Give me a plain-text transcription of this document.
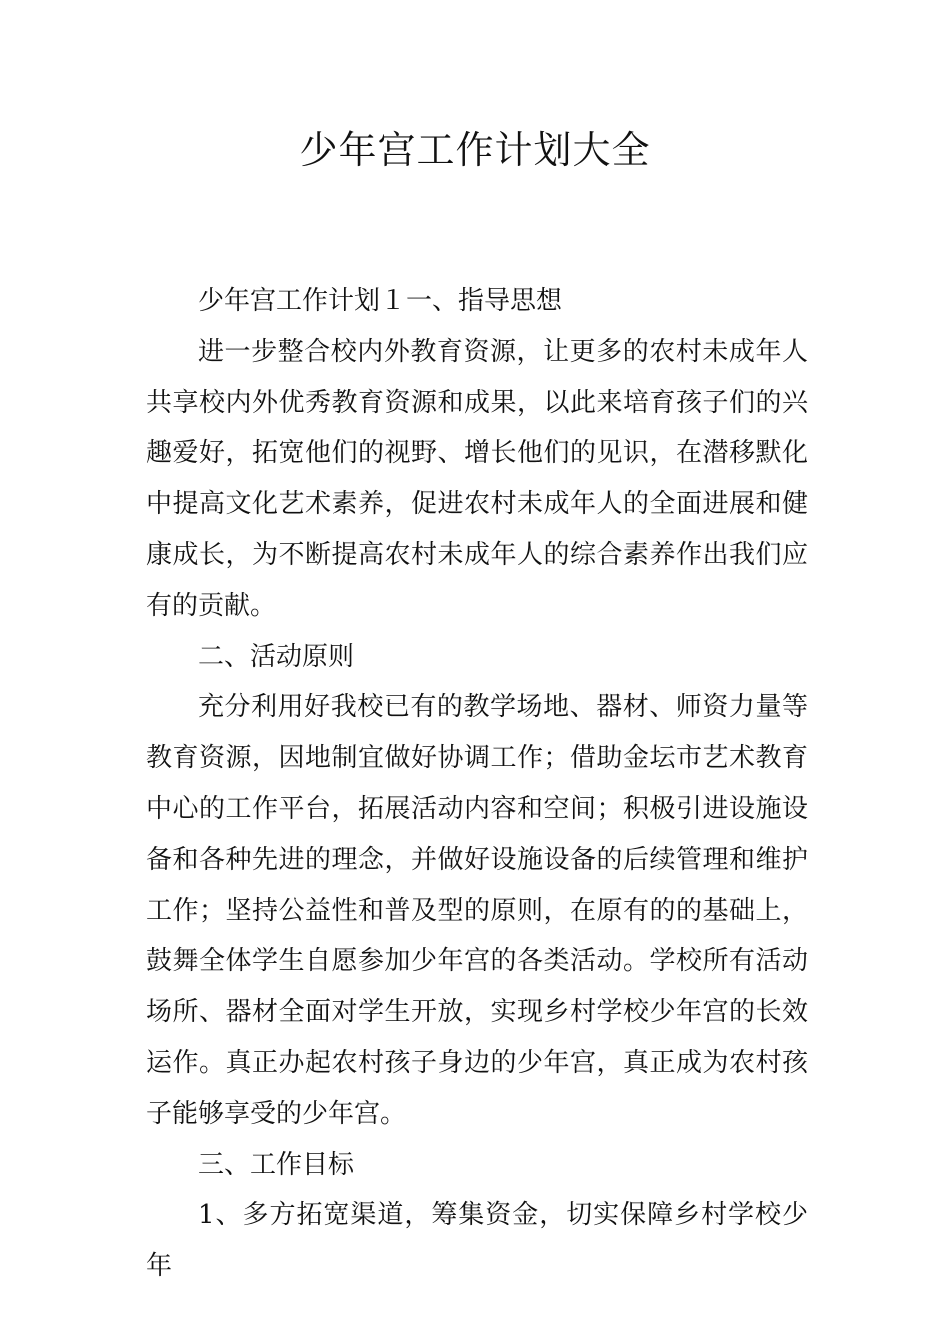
少年宫工作计划大全

少年宫工作计划１一、指导思想

进一步整合校内外教育资源，让更多的农村未成年人共享校内外优秀教育资源和成果，以此来培育孩子们的兴趣爱好，拓宽他们的视野、增长他们的见识，在潜移默化中提高文化艺术素养，促进农村未成年人的全面进展和健康成长，为不断提高农村未成年人的综合素养作出我们应有的贡献。

二、活动原则

充分利用好我校已有的教学场地、器材、师资力量等教育资源，因地制宜做好协调工作；借助金坛市艺术教育中心的工作平台，拓展活动内容和空间；积极引进设施设备和各种先进的理念，并做好设施设备的后续管理和维护工作；坚持公益性和普及型的原则，在原有的的基础上，鼓舞全体学生自愿参加少年宫的各类活动。学校所有活动场所、器材全面对学生开放，实现乡村学校少年宫的长效运作。真正办起农村孩子身边的少年宫，真正成为农村孩子能够享受的少年宫。

三、工作目标

1、多方拓宽渠道，筹集资金，切实保障乡村学校少年
